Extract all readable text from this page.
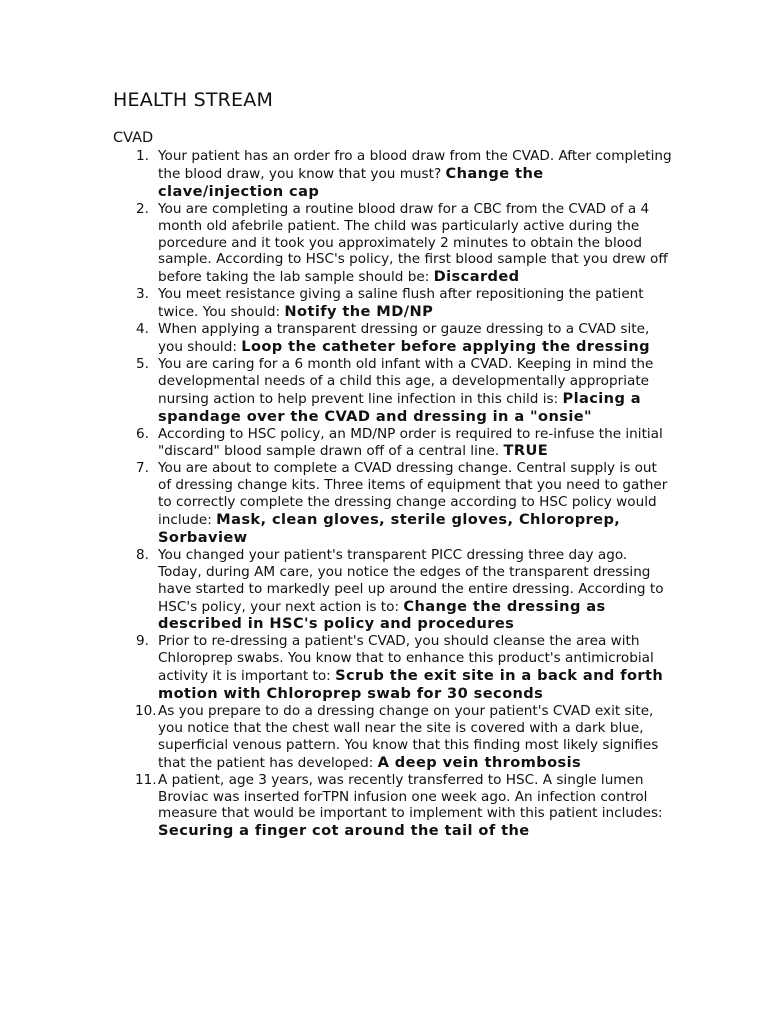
HEALTH STREAM
CVAD
1. Your patient has an order fro a blood draw from the CVAD. After completing the blood draw, you know that you must? Change the clave/injection cap
2. You are completing a routine blood draw for a CBC from the CVAD of a 4 month old afebrile patient. The child was particularly active during the porcedure and it took you approximately 2 minutes to obtain the blood sample. According to HSC's policy, the first blood sample that you drew off before taking the lab sample should be: Discarded
3. You meet resistance giving a saline flush after repositioning the patient twice. You should: Notify the MD/NP
4. When applying a transparent dressing or gauze dressing to a CVAD site, you should: Loop the catheter before applying the dressing
5. You are caring for a 6 month old infant with a CVAD. Keeping in mind the developmental needs of a child this age, a developmentally appropriate nursing action to help prevent line infection in this child is: Placing a spandage over the CVAD and dressing in a "onsie"
6. According to HSC policy, an MD/NP order is required to re-infuse the initial "discard" blood sample drawn off of a central line. TRUE
7. You are about to complete a CVAD dressing change. Central supply is out of dressing change kits. Three items of equipment that you need to gather to correctly complete the dressing change according to HSC policy would include: Mask, clean gloves, sterile gloves, Chloroprep, Sorbaview
8. You changed your patient's transparent PICC dressing three day ago. Today, during AM care, you notice the edges of the transparent dressing have started to markedly peel up around the entire dressing. According to HSC's policy, your next action is to: Change the dressing as described in HSC's policy and procedures
9. Prior to re-dressing a patient's CVAD, you should cleanse the area with Chloroprep swabs. You know that to enhance this product's antimicrobial activity it is important to: Scrub the exit site in a back and forth motion with Chloroprep swab for 30 seconds
10. As you prepare to do a dressing change on your patient's CVAD exit site, you notice that the chest wall near the site is covered with a dark blue, superficial venous pattern. You know that this finding most likely signifies that the patient has developed: A deep vein thrombosis
11. A patient, age 3 years, was recently transferred to HSC. A single lumen Broviac was inserted forTPN infusion one week ago. An infection control measure that would be important to implement with this patient includes: Securing a finger cot around the tail of the
